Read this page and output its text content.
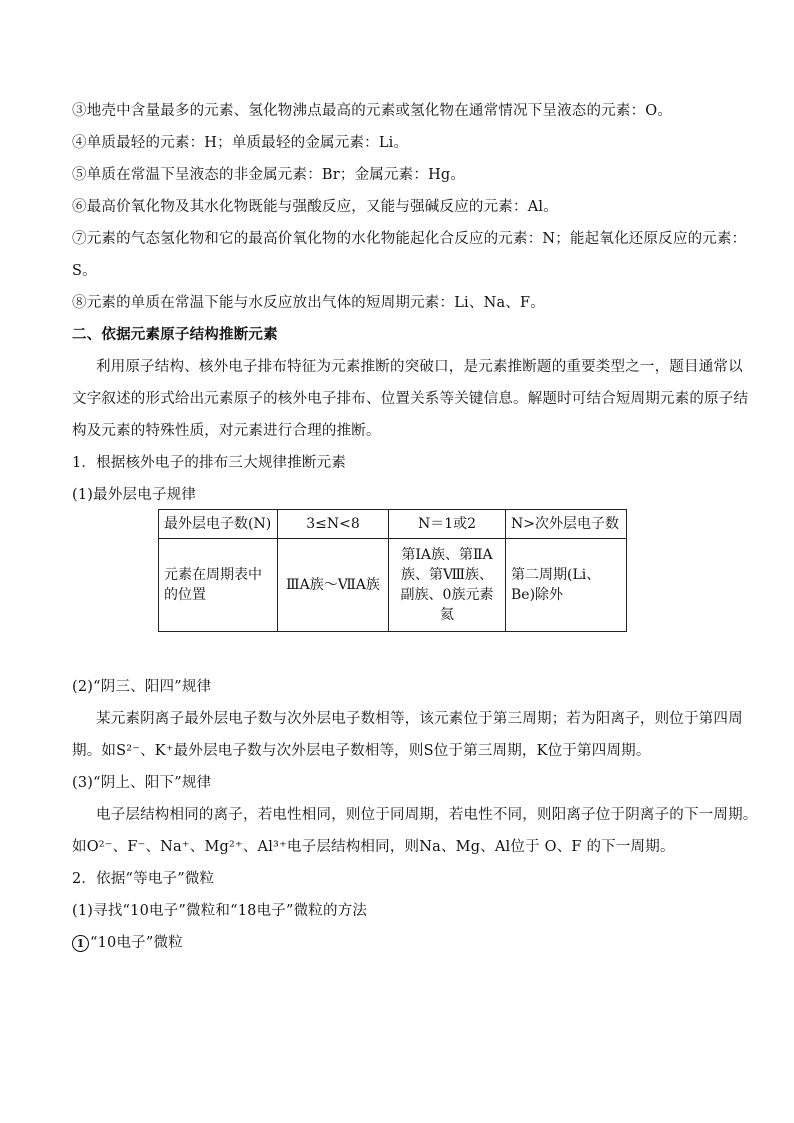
③地壳中含量最多的元素、氢化物沸点最高的元素或氢化物在通常情况下呈液态的元素：O。
④单质最轻的元素：H；单质最轻的金属元素：Li。
⑤单质在常温下呈液态的非金属元素：Br；金属元素：Hg。
⑥最高价氧化物及其水化物既能与强酸反应，又能与强碱反应的元素：Al。
⑦元素的气态氢化物和它的最高价氧化物的水化物能起化合反应的元素：N；能起氧化还原反应的元素：
S。
⑧元素的单质在常温下能与水反应放出气体的短周期元素：Li、Na、F。
二、依据元素原子结构推断元素
利用原子结构、核外电子排布特征为元素推断的突破口，是元素推断题的重要类型之一，题目通常以
文字叙述的形式给出元素原子的核外电子排布、位置关系等关键信息。解题时可结合短周期元素的原子结
构及元素的特殊性质，对元素进行合理的推断。
1．根据核外电子的排布三大规律推断元素
(1)最外层电子规律
最外层电子数(N)	3≤N<8	N＝1或2	N>次外层电子数
元素在周期表中的位置	ⅢA族～ⅦA族	第ⅠA族、第ⅡA族、第Ⅷ族、副族、0族元素氦	第二周期(Li、Be)除外
(2)“阴三、阳四”规律
某元素阴离子最外层电子数与次外层电子数相等，该元素位于第三周期；若为阳离子，则位于第四周
期。如S²⁻、K⁺最外层电子数与次外层电子数相等，则S位于第三周期，K位于第四周期。
(3)“阴上、阳下”规律
电子层结构相同的离子，若电性相同，则位于同周期，若电性不同，则阳离子位于阴离子的下一周期。
如O²⁻、F⁻、Na⁺、Mg²⁺、Al³⁺电子层结构相同，则Na、Mg、Al位于 O、F 的下一周期。
2．依据“等电子”微粒
(1)寻找“10电子”微粒和“18电子”微粒的方法
1 “10电子”微粒
